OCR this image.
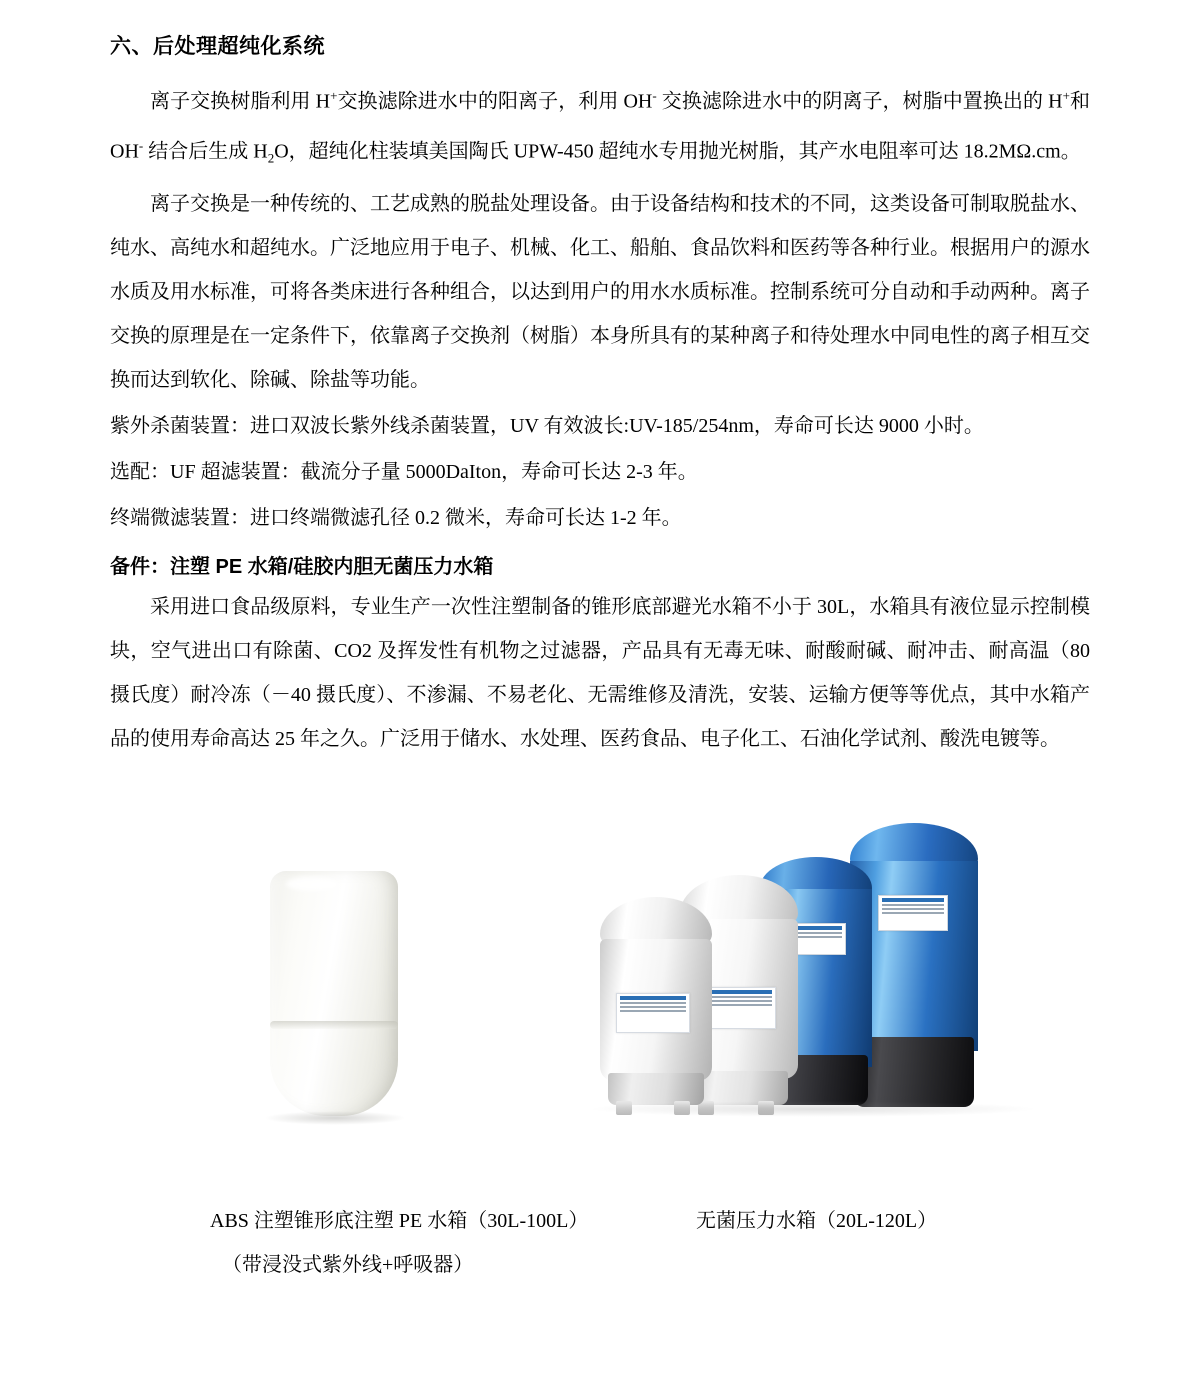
六、后处理超纯化系统

离子交换树脂利用 H+交换滤除进水中的阳离子，利用 OH- 交换滤除进水中的阴离子，树脂中置换出的 H+和 OH- 结合后生成 $H_2O$，超纯化柱装填美国陶氏 UPW-450 超纯水专用抛光树脂，其产水电阻率可达 18.2MΩ.cm。

离子交换是一种传统的、工艺成熟的脱盐处理设备。由于设备结构和技术的不同，这类设备可制取脱盐水、纯水、高纯水和超纯水。广泛地应用于电子、机械、化工、船舶、食品饮料和医药等各种行业。根据用户的源水水质及用水标准，可将各类床进行各种组合，以达到用户的用水水质标准。控制系统可分自动和手动两种。离子交换的原理是在一定条件下，依靠离子交换剂（树脂）本身所具有的某种离子和待处理水中同电性的离子相互交换而达到软化、除碱、除盐等功能。

紫外杀菌装置：进口双波长紫外线杀菌装置，UV 有效波长:UV-185/254nm，寿命可长达 9000 小时。

选配：UF 超滤装置：截流分子量 5000DaIton，寿命可长达 2-3 年。

终端微滤装置：进口终端微滤孔径 0.2 微米，寿命可长达 1-2 年。

备件：注塑 PE 水箱/硅胶内胆无菌压力水箱

采用进口食品级原料，专业生产一次性注塑制备的锥形底部避光水箱不小于 30L，水箱具有液位显示控制模块，空气进出口有除菌、CO2 及挥发性有机物之过滤器，产品具有无毒无味、耐酸耐碱、耐冲击、耐高温（80 摄氏度）耐冷冻（－40 摄氏度）、不渗漏、不易老化、无需维修及清洗，安装、运输方便等等优点，其中水箱产品的使用寿命高达 25 年之久。广泛用于储水、水处理、医药食品、电子化工、石油化学试剂、酸洗电镀等。

ABS 注塑锥形底注塑 PE 水箱（30L-100L）
（带浸没式紫外线+呼吸器）
无菌压力水箱（20L-120L）
